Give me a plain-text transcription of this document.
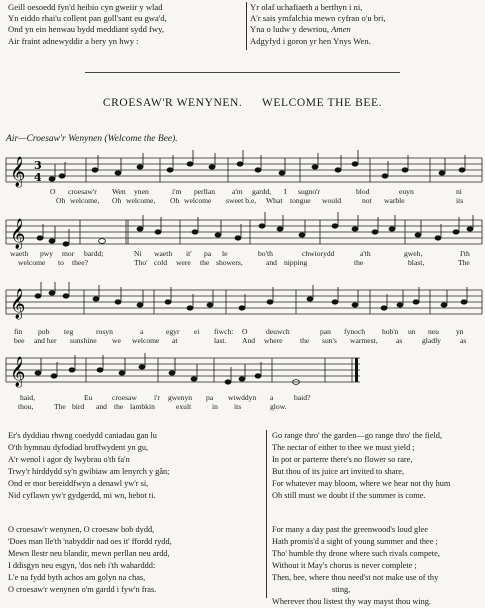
Geill oesoedd fyn'd heibio cyn gweiir y wlad
Yn eiddo rhai'u collent pan goll'sant eu gwa'd,
Ond yn ein henwau bydd meddiant sydd fwy,
Air fraint adnewyddir a bery yn hwy :
Yr olaf uchafiaeth a berthyn i ni,
A'r sais ymfalchia mewn cyfran o'u bri,
Yna o ludw y dewriou, Amen
Adgyfyd i goron yr hen Ynys Wen.
CROESAW'R WENYNEN. WELCOME THE BEE.
Air—Croesaw'r Wenynen (Welcome the Bee).
𝄞 3
4
O croesaw'r Wen ynen	i'm perllan a'm gardd, I sugno'r	blod	euyn	ni
Oh welcome, Oh welcome, Oh welcome sweet b.e, What tongue would	not warble	its
𝄞
waeth pwy mor bardd;	Ni waeth it' pa le	bo'th	chwiorydd	a'th	gweh,	I'th
welcome to thee?	Tho' cold were the showers,	and nipping	the	blast,	The
𝄞
fin pob teg	rosyn	a	egyr ei fiwch: O deuwch	pan fynoch hob'n un neu yn
bee and her sunshine we welcome at	last. And where the sun's warmest, as	gladly	as
𝄞
haid,	Eu	croesaw i'r gwenyn pa wiwddyn a	baid?
thou,	The bird and the lambkin	exult	in its	glow.
Er's dyddiau rhwng coedydd caniadau gan lu
O'th hymnau dyfodiad broffwydent yn gu,
A'r wenol i agor dy lwybrau o'th fa'n
Trwy'r hirddydd sy'n gwibiaw am lenyrch y gân;
Ond er mor bereiddfwyn a denawl yw'r si,
Nid cyflawn yw'r gydgerdd, mi wn, hebot ti.
O croesaw'r wenynen, O croesaw bob dydd,
'Does man lle'th 'nabyddir nad oes it' ffordd rydd,
Mewn llestr neu blandir, mewn perllan neu ardd,
I ddisgyn neu esgyn, 'dos neb i'th waharddd:
L'e na fydd byth achos am golyn na chas,
O croesaw'r wenynen o'm gardd i fyw'n fras.
Go range thro' the garden—go range thro' the field,
The nectar of either to thee we must yield ;
In pot or parterre there's no flower so rare,
But thou of its juice art invited to share,
For whatever may bloom, where we hear not thy hum
Oh still must we doubt if the summer is come.
For many a day past the greenwood's loud glee
Hath promis'd a sight of young summer and thee ;
Tho' humble thy drone where such rivals compete,
Without it May's chorus is never complete ;
Then, bee, where thou need'st not make use of thy
sting,
Wherever thou listest thy way mayst thou wing.
